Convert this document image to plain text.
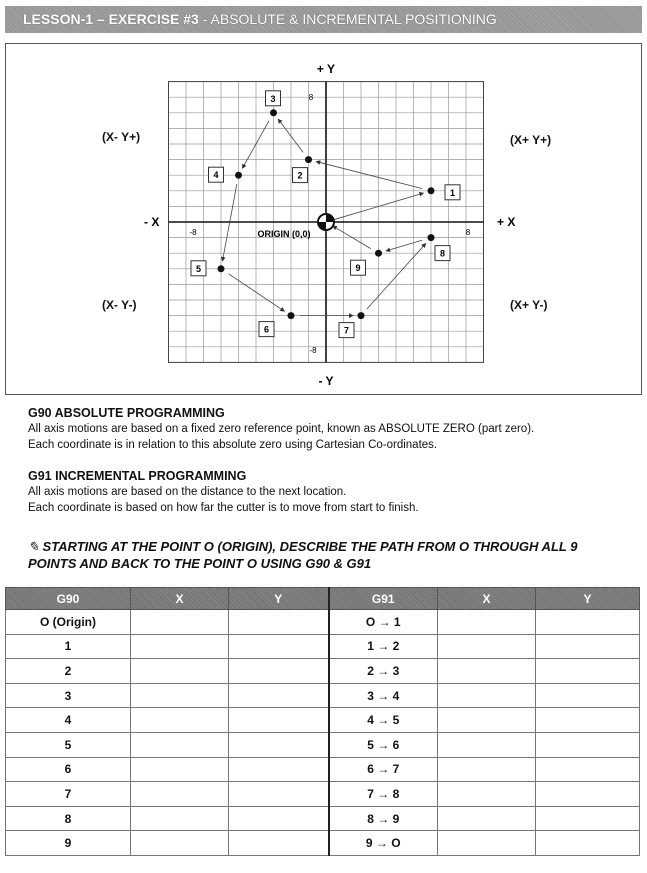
LESSON-1 – EXERCISE #3 - ABSOLUTE & INCREMENTAL POSITIONING
+ Y
- Y
+ X
- X
-8	8
8
-8
ORIGIN (0,0)
1
2
3
4
5
6	7
8
9
(X- Y+)	(X+ Y+)
(X- Y-)	(X+ Y-)
G90 ABSOLUTE PROGRAMMING
All axis motions are based on a fixed zero reference point, known as ABSOLUTE ZERO (part zero).
Each coordinate is in relation to this absolute zero using Cartesian Co-ordinates.
G91 INCREMENTAL PROGRAMMING
All axis motions are based on the distance to the next location.
Each coordinate is based on how far the cutter is to move from start to finish.
✎ STARTING AT THE POINT O (ORIGIN), DESCRIBE THE PATH FROM O THROUGH ALL 9 POINTS AND BACK TO THE POINT O USING G90 & G91
G90	X	Y	G91	X	Y
O (Origin)			O → 1		
1			1 → 2		
2			2 → 3		
3			3 → 4		
4			4 → 5		
5			5 → 6		
6			6 → 7		
7			7 → 8		
8			8 → 9		
9			9 → O		
